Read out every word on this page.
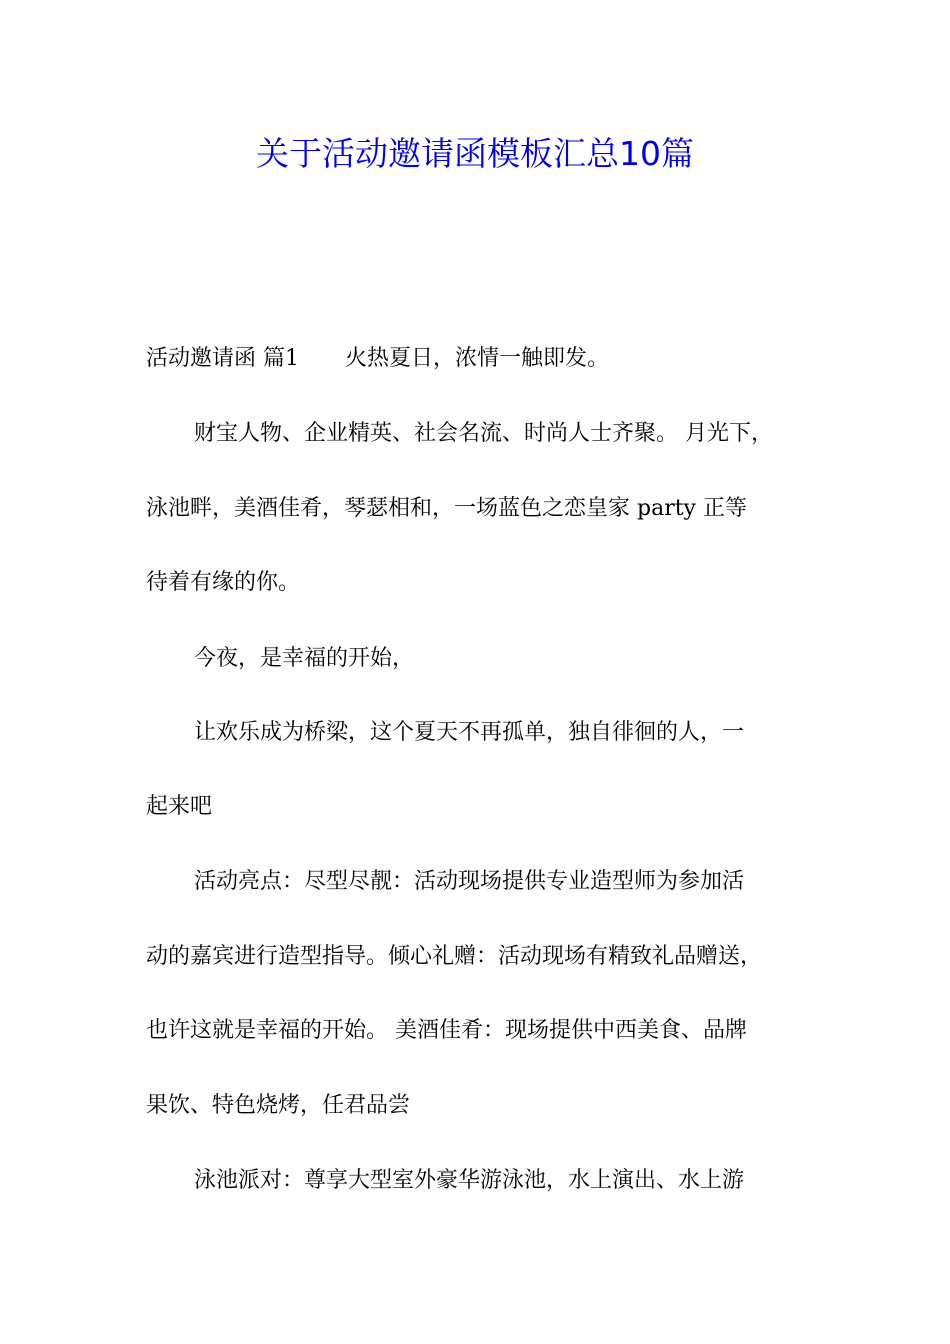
关于活动邀请函模板汇总10篇

活动邀请函 篇1 火热夏日，浓情一触即发。

财宝人物、企业精英、社会名流、时尚人士齐聚。 月光下，

泳池畔，美酒佳肴，琴瑟相和，一场蓝色之恋皇家 party 正等

待着有缘的你。

今夜，是幸福的开始，

让欢乐成为桥梁，这个夏天不再孤单，独自徘徊的人，一

起来吧

活动亮点：尽型尽靓：活动现场提供专业造型师为参加活

动的嘉宾进行造型指导。倾心礼赠：活动现场有精致礼品赠送，

也许这就是幸福的开始。 美酒佳肴：现场提供中西美食、品牌

果饮、特色烧烤，任君品尝

泳池派对：尊享大型室外豪华游泳池，水上演出、水上游
